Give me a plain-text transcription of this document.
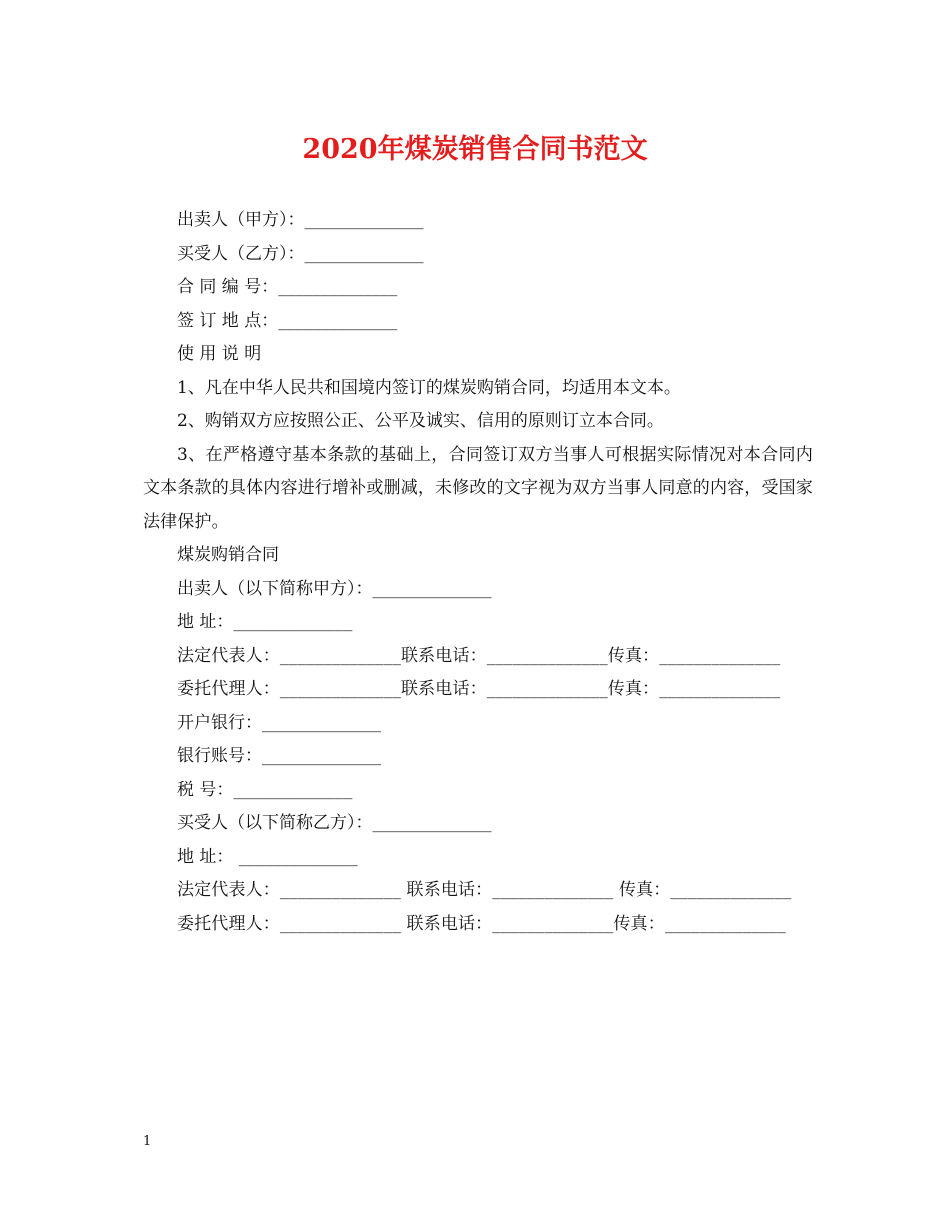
2020年煤炭销售合同书范文
出卖人（甲方）：______________
买受人（乙方）：______________
合 同 编 号：______________
签 订 地 点：______________
使 用 说 明
1、凡在中华人民共和国境内签订的煤炭购销合同，均适用本文本。
2、购销双方应按照公正、公平及诚实、信用的原则订立本合同。
3、在严格遵守基本条款的基础上，合同签订双方当事人可根据实际情况对本合同内文本条款的具体内容进行增补或删减，未修改的文字视为双方当事人同意的内容，受国家法律保护。
煤炭购销合同
出卖人（以下简称甲方）：______________
地 址：______________
法定代表人：______________联系电话：______________传真：______________
委托代理人：______________联系电话：______________传真：______________
开户银行：______________
银行账号：______________
税 号：______________
买受人（以下简称乙方）：______________
地 址： ______________
法定代表人：______________ 联系电话：______________ 传真：______________
委托代理人：______________ 联系电话：______________传真：______________
1
